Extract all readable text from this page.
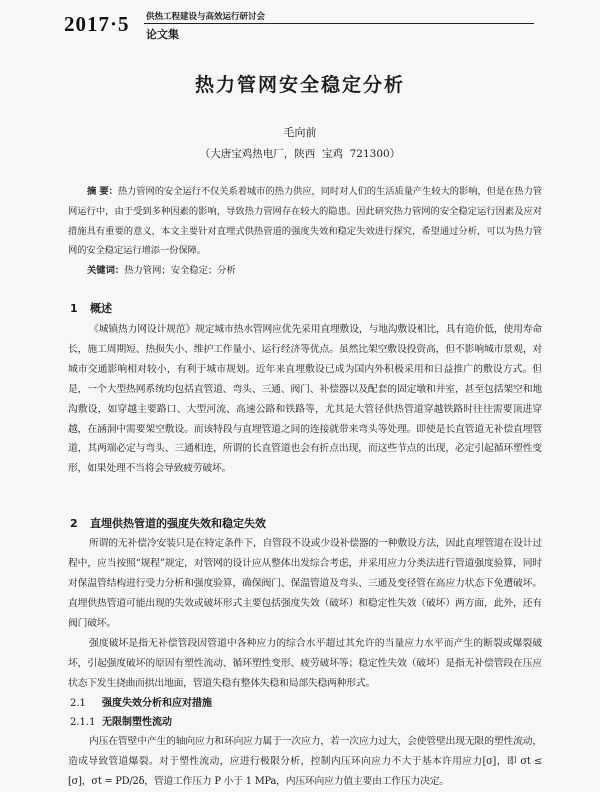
2017·5 供热工程建设与高效运行研讨会
论文集
热力管网安全稳定分析
毛向前
（大唐宝鸡热电厂，陕西  宝鸡  721300）
摘 要：热力管网的安全运行不仅关系着城市的热力供应，同时对人们的生活质量产生较大的影响，但是在热力管网运行中，由于受到多种因素的影响，导致热力管网存在较大的隐患。因此研究热力管网的安全稳定运行因素及应对措施具有重要的意义，本文主要针对直埋式供热管道的强度失效和稳定失效进行探究，希望通过分析，可以为热力管网的安全稳定运行增添一份保障。
关键词：热力管网；安全稳定；分析
1 概述
《城镇热力网设计规范》规定城市热水管网应优先采用直埋敷设，与地沟敷设相比，具有造价低，使用寿命长，施工周期短、热损失小、维护工作量小、运行经济等优点。虽然比架空敷设投资高，但不影响城市景观，对城市交通影响相对较小，有利于城市规划。近年来直埋敷设已成为国内外积极采用和日益推广的敷设方式。但是，一个大型热网系统均包括直管道、弯头、三通、阀门、补偿器以及配套的固定墩和井室，甚至包括架空和地沟敷设，如穿越主要路口、大型河流、高速公路和铁路等，尤其是大管径供热管道穿越铁路时往往需要顶进穿越，在涵洞中需要架空敷设。而该特段与直埋管道之间的连接就带来弯头等处理。即使是长直管道无补偿直埋管道，其两端必定与弯头、三通相连，所谓的长直管道也会有折点出现，而这些节点的出现，必定引起循环塑性变形，如果处理不当将会导致疲劳破坏。
2 直埋供热管道的强度失效和稳定失效
所谓的无补偿冷安装只是在特定条件下，自管段不设或少设补偿器的一种敷设方法，因此直埋管道在设计过程中，应当按照“规程”规定，对管网的设计应从整体出发综合考虑，并采用应力分类法进行管道强度验算，同时对保温管结构进行受力分析和强度验算，确保阀门、保温管道及弯头、三通及变径管在高应力状态下免遭破坏。直埋供热管道可能出现的失效或破坏形式主要包括强度失效（破坏）和稳定性失效（破坏）两方面，此外，还有阀门破坏。
强度破坏是指无补偿管段因管道中各种应力的综合水平超过其允许的当量应力水平而产生的断裂或爆裂破坏，引起强度破坏的原因有塑性流动、循环塑性变形、疲劳破坏等；稳定性失效（破坏）是指无补偿管段在压应状态下发生挠曲而拱出地面，管道失稳有整体失稳和局部失稳两种形式。
2.1 强度失效分析和应对措施
2.1.1 无限制塑性流动
内压在管壁中产生的轴向应力和环向应力属于一次应力，若一次应力过大，会使管壁出现无限的塑性流动，造成导致管道爆裂。对于塑性流动，应进行极限分析，控制内压环向应力不大于基本许用应力[σ]，即 σt ≤ [σ]，σt = PD/2δ，管道工作压力 P 小于 1 MPa，内压环向应力值主要由工作压力决定。
